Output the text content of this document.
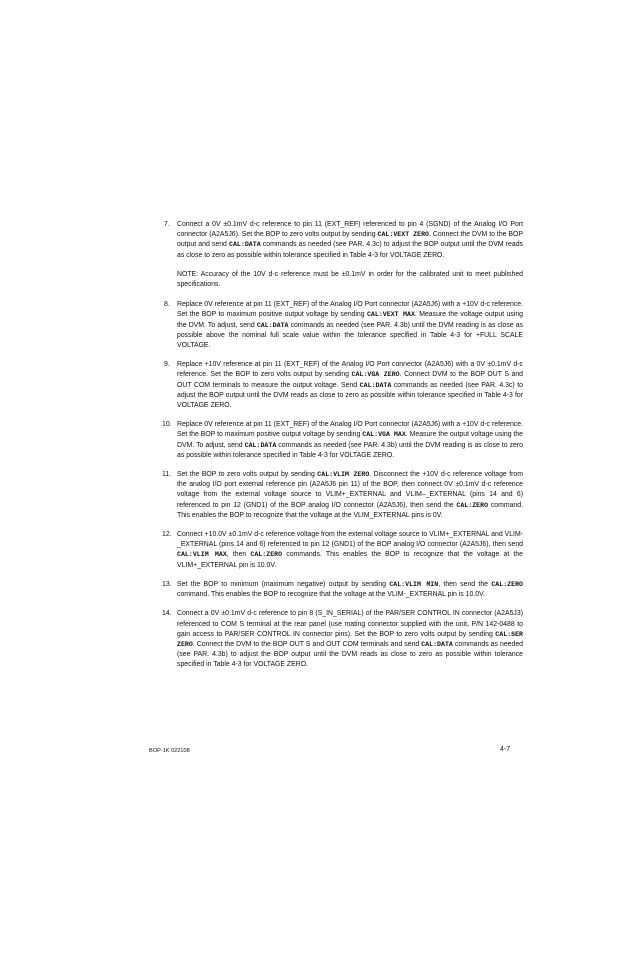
7. Connect a 0V ±0.1mV d-c reference to pin 11 (EXT_REF) referenced to pin 4 (SGND) of the Analog I/O Port connector (A2A5J6). Set the BOP to zero volts output by sending CAL:VEXT ZERO. Connect the DVM to the BOP output and send CAL:DATA commands as needed (see PAR. 4.3c) to adjust the BOP output until the DVM reads as close to zero as possible within tolerance specified in Table 4-3 for VOLTAGE ZERO.

NOTE: Accuracy of the 10V d-c reference must be ±0.1mV in order for the calibrated unit to meet published specifications.

8. Replace 0V reference at pin 11 (EXT_REF) of the Analog I/O Port connector (A2A5J6) with a +10V d-c reference. Set the BOP to maximum positive output voltage by sending CAL:VEXT MAX. Measure the voltage output using the DVM. To adjust, send CAL:DATA commands as needed (see PAR. 4.3b) until the DVM reading is as close as possible above the nominal full scale value within the tolerance specified in Table 4-3 for +FULL SCALE VOLTAGE.
9. Replace +10V reference at pin 11 (EXT_REF) of the Analog I/O Port connector (A2A5J6) with a 0V ±0.1mV d-c reference. Set the BOP to zero volts output by sending CAL:VGA ZERO. Connect DVM to the BOP OUT S and OUT COM terminals to measure the output voltage. Send CAL:DATA commands as needed (see PAR. 4.3c) to adjust the BOP output until the DVM reads as close to zero as possible within tolerance specified in Table 4-3 for VOLTAGE ZERO.
10. Replace 0V reference at pin 11 (EXT_REF) of the Analog I/O Port connector (A2A5J6) with a +10V d-c reference. Set the BOP to maximum positive output voltage by sending CAL:VGA MAX. Measure the output voltage using the DVM. To adjust, send CAL:DATA commands as needed (see PAR. 4.3b) until the DVM reading is as close to zero as possible within tolerance specified in Table 4-3 for VOLTAGE ZERO.
11. Set the BOP to zero volts output by sending CAL:VLIM ZERO. Disconnect the +10V d-c reference voltage from the analog I/O port external reference pin (A2A5J6 pin 11) of the BOP, then connect 0V ±0.1mV d-c reference voltage from the external voltage source to VLIM+_EXTERNAL and VLIM–_EXTERNAL (pins 14 and 6) referenced to pin 12 (GND1) of the BOP analog I/O connector (A2A5J6), then send the CAL:ZERO command. This enables the BOP to recognize that the voltage at the VLIM_EXTERNAL pins is 0V.
12. Connect +10.0V ±0.1mV d-c reference voltage from the external voltage source to VLIM+_EXTERNAL and VLIM-_EXTERNAL (pins 14 and 6) referenced to pin 12 (GND1) of the BOP analog I/O connector (A2A5J6), then send CAL:VLIM MAX, then CAL:ZERO commands. This enables the BOP to recognize that the voltage at the VLIM+_EXTERNAL pin is 10.0V.
13. Set the BOP to minimum (maximum negative) output by sending CAL:VLIM MIN, then send the CAL:ZERO command. This enables the BOP to recognize that the voltage at the VLIM-_EXTERNAL pin is 10.0V.
14. Connect a 0V ±0.1mV d-c reference to pin 8 (S_IN_SERIAL) of the PAR/SER CONTROL IN connector (A2A5J3) referenced to COM S terminal at the rear panel (use mating connector supplied with the unit, P/N 142-0488 to gain access to PAR/SER CONTROL IN connector pins). Set the BOP to zero volts output by sending CAL:SER ZERO. Connect the DVM to the BOP OUT S and OUT COM terminals and send CAL:DATA commands as needed (see PAR. 4.3b) to adjust the BOP output until the DVM reads as close to zero as possible within tolerance specified in Table 4-3 for VOLTAGE ZERO.
BOP-1K 022108	4-7
